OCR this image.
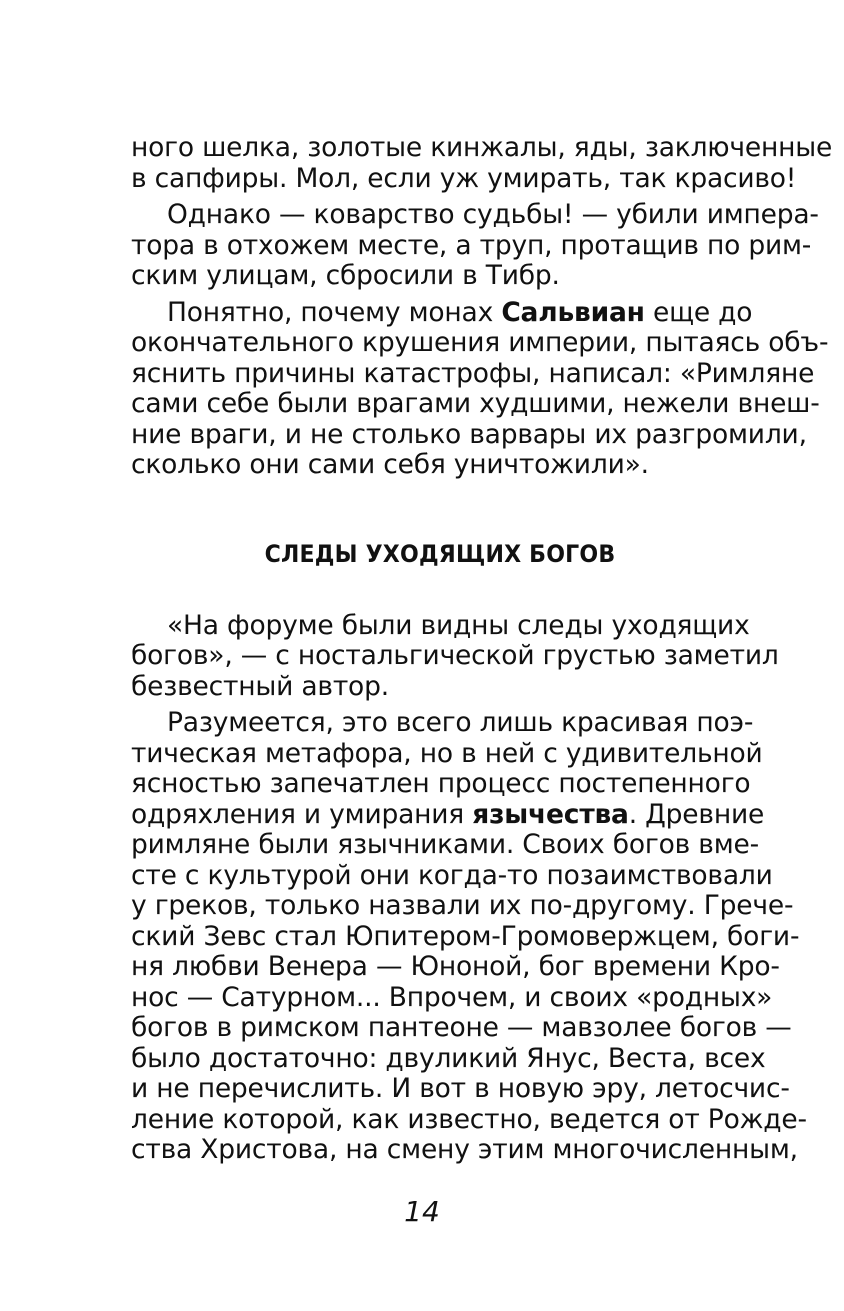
ного шелка, золотые кинжалы, яды, заключенные
в сапфиры. Мол, если уж умирать, так красиво!
Однако — коварство судьбы! — убили импера-
тора в отхожем месте, а труп, протащив по рим-
ским улицам, сбросили в Тибр.
Понятно, почему монах Сальвиан еще до
окончательного крушения империи, пытаясь объ-
яснить причины катастрофы, написал: «Римляне
сами себе были врагами худшими, нежели внеш-
ние враги, и не столько варвары их разгромили,
сколько они сами себя уничтожили».
СЛЕДЫ УХОДЯЩИХ БОГОВ
«На форуме были видны следы уходящих
богов», — с ностальгической грустью заметил
безвестный автор.
Разумеется, это всего лишь красивая поэ-
тическая метафора, но в ней с удивительной
ясностью запечатлен процесс постепенного
одряхления и умирания язычества. Древние
римляне были язычниками. Своих богов вме-
сте с культурой они когда-то позаимствовали
у греков, только назвали их по-другому. Грече-
ский Зевс стал Юпитером-Громовержцем, боги-
ня любви Венера — Юноной, бог времени Кро-
нос — Сатурном... Впрочем, и своих «родных»
богов в римском пантеоне — мавзолее богов —
было достаточно: двуликий Янус, Веста, всех
и не перечислить. И вот в новую эру, летосчис-
ление которой, как известно, ведется от Рожде-
ства Христова, на смену этим многочисленным,
14
